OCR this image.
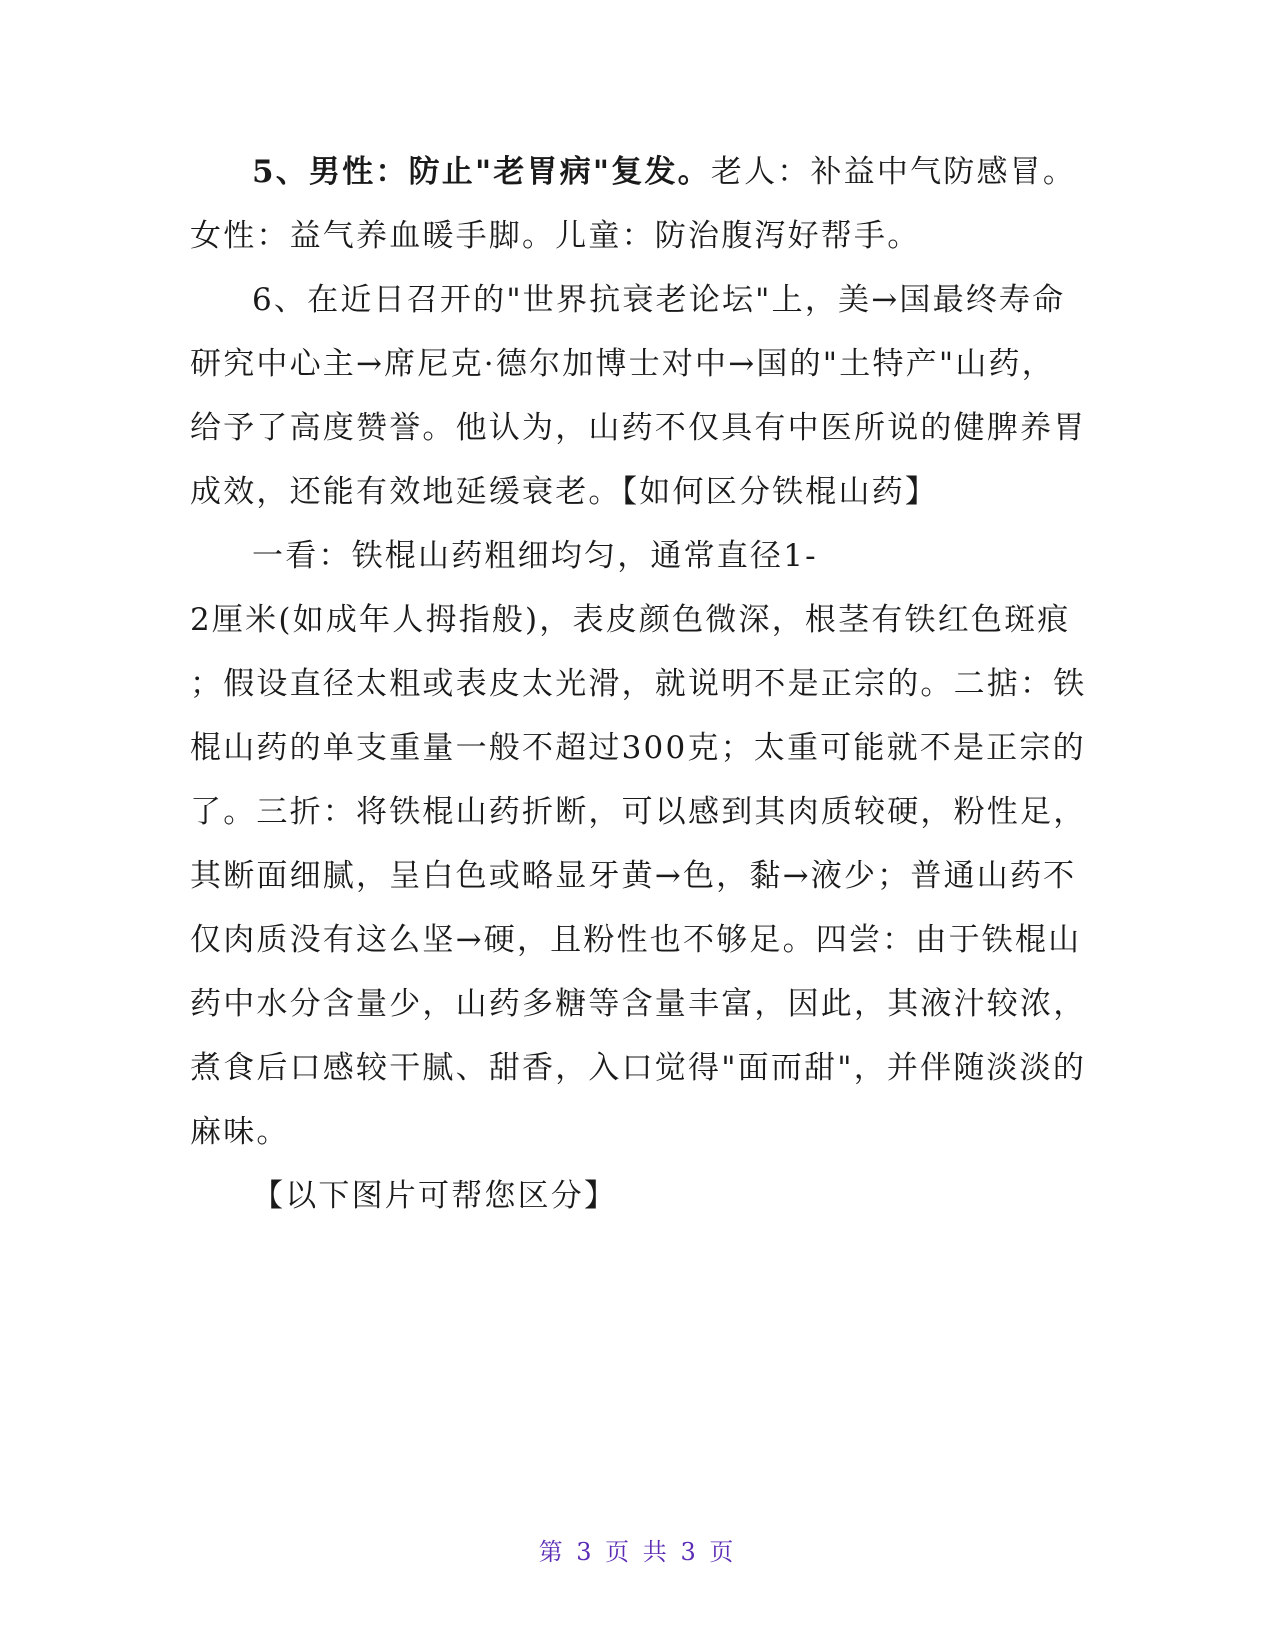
5、男性：防止"老胃病"复发。老人：补益中气防感冒。
女性：益气养血暖手脚。儿童：防治腹泻好帮手。
6、在近日召开的"世界抗衰老论坛"上，美→国最终寿命
研究中心主→席尼克·德尔加博士对中→国的"土特产"山药，
给予了高度赞誉。他认为，山药不仅具有中医所说的健脾养胃
成效，还能有效地延缓衰老。【如何区分铁棍山药】
一看：铁棍山药粗细均匀，通常直径1-
2厘米(如成年人拇指般)，表皮颜色微深，根茎有铁红色斑痕
；假设直径太粗或表皮太光滑，就说明不是正宗的。二掂：铁
棍山药的单支重量一般不超过300克；太重可能就不是正宗的
了。三折：将铁棍山药折断，可以感到其肉质较硬，粉性足，
其断面细腻，呈白色或略显牙黄→色，黏→液少；普通山药不
仅肉质没有这么坚→硬，且粉性也不够足。四尝：由于铁棍山
药中水分含量少，山药多糖等含量丰富，因此，其液汁较浓，
煮食后口感较干腻、甜香，入口觉得"面而甜"，并伴随淡淡的
麻味。
【以下图片可帮您区分】
第 3 页 共 3 页
